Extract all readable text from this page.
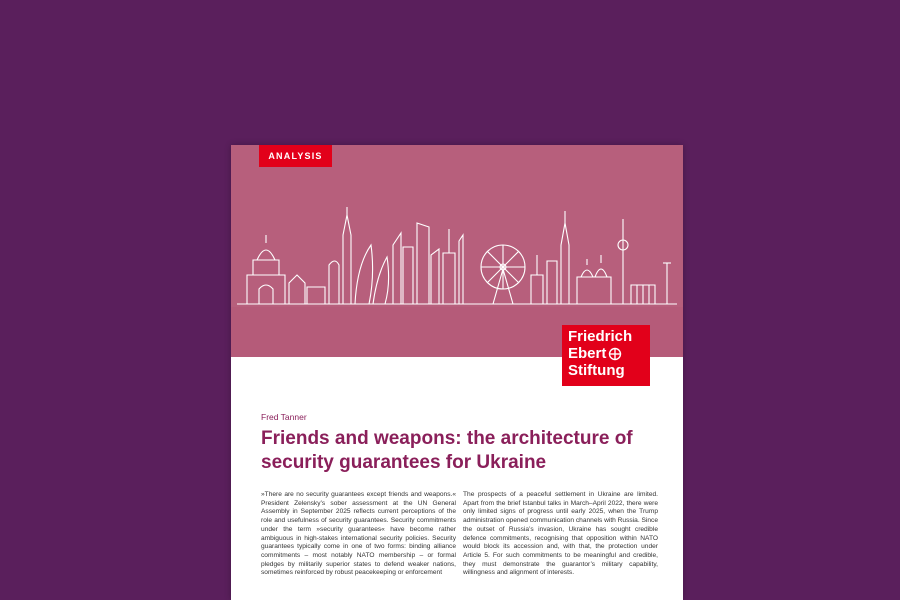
ANALYSIS
Friedrich
Ebert
Stiftung
Fred Tanner
Friends and weapons: the architecture of security guarantees for Ukraine

»There are no security guarantees except friends and weapons.« President Zelensky’s sober assessment at the UN General Assembly in September 2025 reflects current perceptions of the role and usefulness of security guarantees. Security commitments under the term »security guarantees« have become rather ambiguous in high-stakes international security policies. Security guarantees typically come in one of two forms: binding alliance commitments – most notably NATO membership – or formal pledges by militarily superior states to defend weaker nations, sometimes reinforced by robust peacekeeping or enforcement

The prospects of a peaceful settlement in Ukraine are limited. Apart from the brief Istanbul talks in March–April 2022, there were only limited signs of progress until early 2025, when the Trump administration opened communication channels with Russia. Since the outset of Russia’s invasion, Ukraine has sought credible defence commitments, recognising that opposition within NATO would block its accession and, with that, the protection under Article 5. For such commitments to be meaningful and credible, they must demonstrate the guarantor’s military capability, willingness and alignment of interests.
